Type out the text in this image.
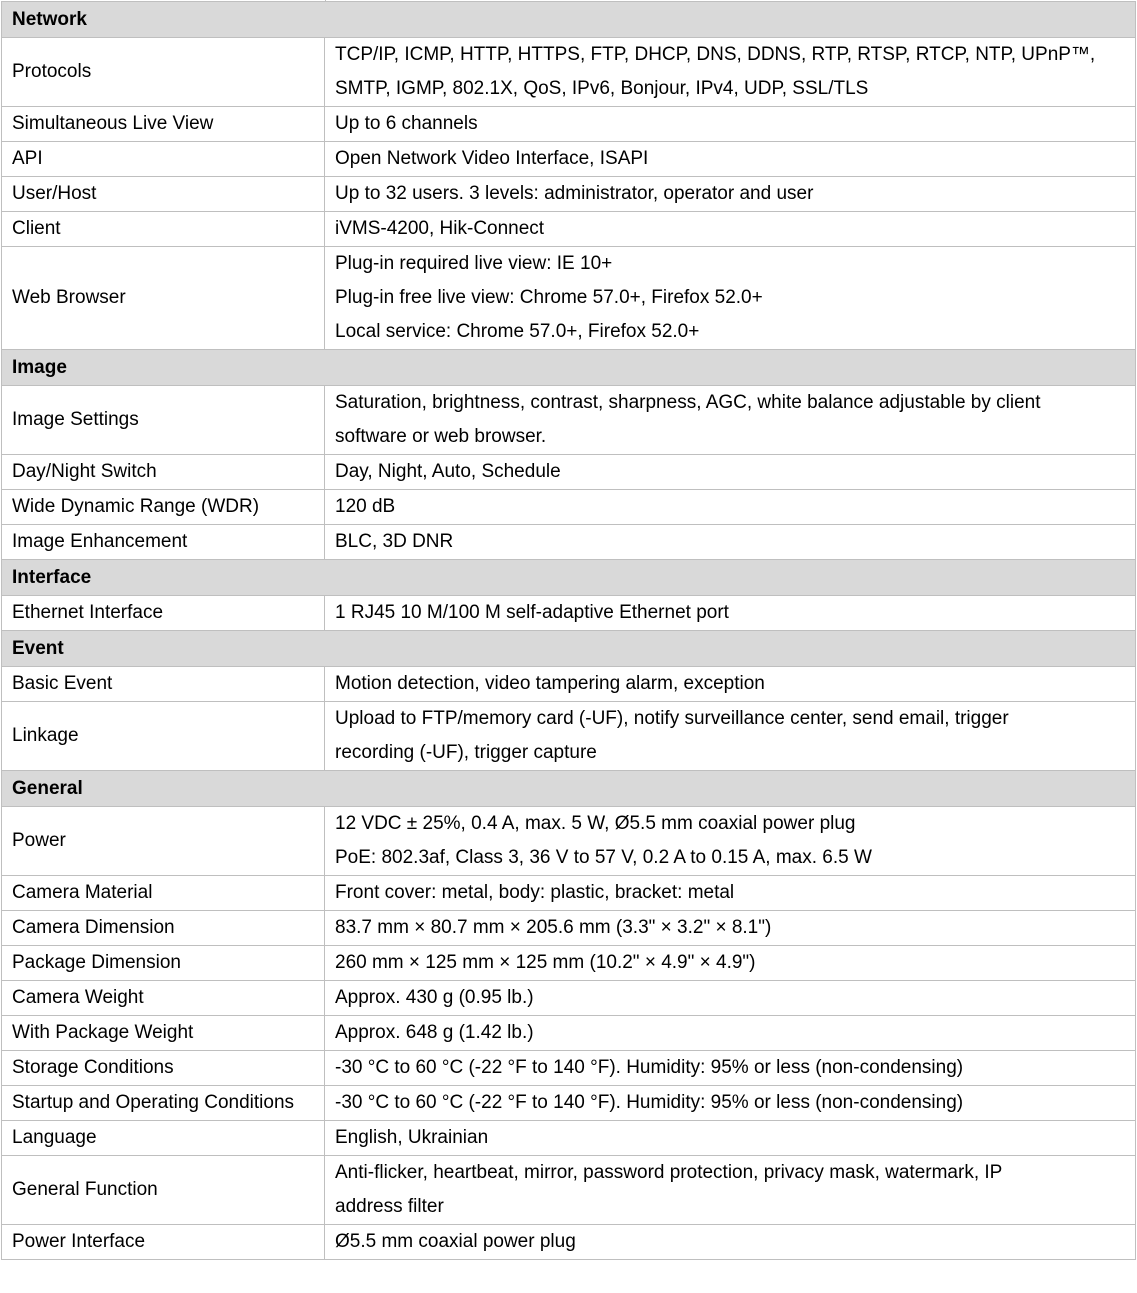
Network	
Protocols	TCP/IP, ICMP, HTTP, HTTPS, FTP, DHCP, DNS, DDNS, RTP, RTSP, RTCP, NTP, UPnP™,
SMTP, IGMP, 802.1X, QoS, IPv6, Bonjour, IPv4, UDP, SSL/TLS

Simultaneous Live View	Up to 6 channels

API	Open Network Video Interface, ISAPI

User/Host	Up to 32 users. 3 levels: administrator, operator and user

Client	iVMS-4200, Hik-Connect

Web Browser	Plug-in required live view: IE 10+
Plug-in free live view: Chrome 57.0+, Firefox 52.0+
Local service: Chrome 57.0+, Firefox 52.0+

Image	
Image Settings	Saturation, brightness, contrast, sharpness, AGC, white balance adjustable by client
software or web browser.

Day/Night Switch	Day, Night, Auto, Schedule

Wide Dynamic Range (WDR)	120 dB

Image Enhancement	BLC, 3D DNR

Interface	
Ethernet Interface	1 RJ45 10 M/100 M self-adaptive Ethernet port

Event	
Basic Event	Motion detection, video tampering alarm, exception

Linkage	Upload to FTP/memory card (-UF), notify surveillance center, send email, trigger
recording (-UF), trigger capture

General	
Power	12 VDC ± 25%, 0.4 A, max. 5 W, Ø5.5 mm coaxial power plug
PoE: 802.3af, Class 3, 36 V to 57 V, 0.2 A to 0.15 A, max. 6.5 W

Camera Material	Front cover: metal, body: plastic, bracket: metal

Camera Dimension	83.7 mm × 80.7 mm × 205.6 mm (3.3" × 3.2" × 8.1")

Package Dimension	260 mm × 125 mm × 125 mm (10.2" × 4.9" × 4.9")

Camera Weight	Approx. 430 g (0.95 lb.)

With Package Weight	Approx. 648 g (1.42 lb.)

Storage Conditions	-30 °C to 60 °C (-22 °F to 140 °F). Humidity: 95% or less (non-condensing)

Startup and Operating Conditions	-30 °C to 60 °C (-22 °F to 140 °F). Humidity: 95% or less (non-condensing)

Language	English, Ukrainian

General Function	Anti-flicker, heartbeat, mirror, password protection, privacy mask, watermark, IP
address filter

Power Interface	Ø5.5 mm coaxial power plug
